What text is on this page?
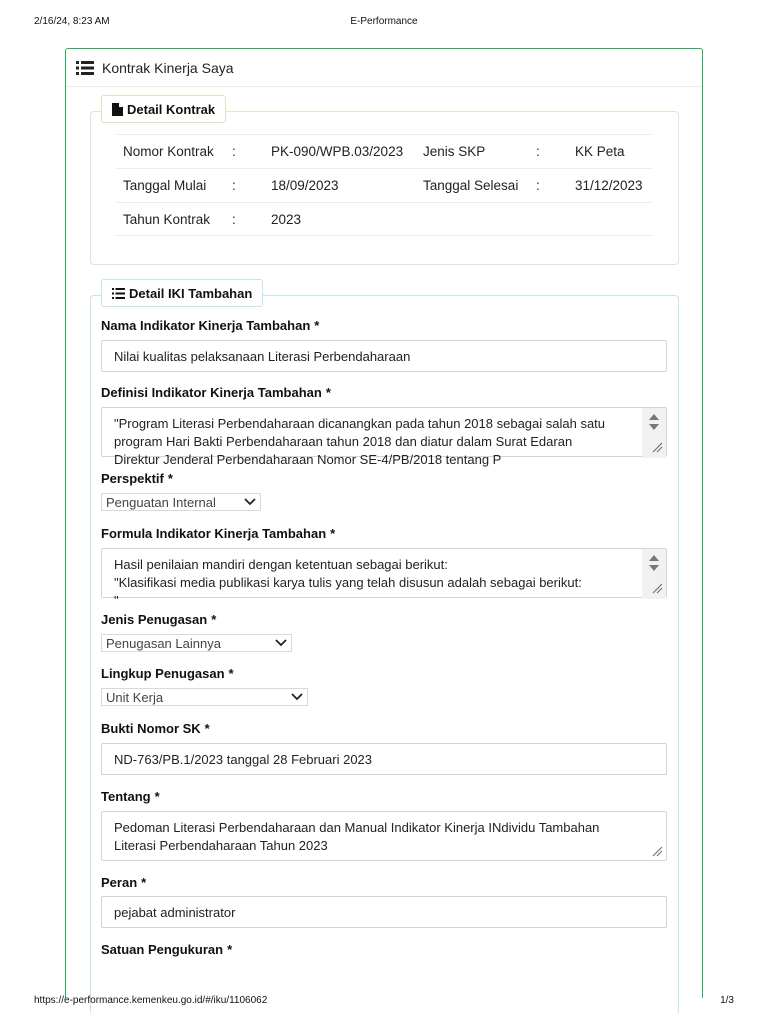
2/16/24, 8:23 AM	E-Performance
Kontrak Kinerja Saya
Detail Kontrak
Nomor Kontrak :	PK-090/WPB.03/2023 Jenis SKP	:	KK Peta
Tanggal Mulai :	18/09/2023	Tanggal Selesai :	31/12/2023
Tahun Kontrak :	2023
Detail IKI Tambahan
Nama Indikator Kinerja Tambahan *
Nilai kualitas pelaksanaan Literasi Perbendaharaan
Definisi Indikator Kinerja Tambahan *
"Program Literasi Perbendaharaan dicanangkan pada tahun 2018 sebagai salah satu
program Hari Bakti Perbendaharaan tahun 2018 dan diatur dalam Surat Edaran
Direktur Jenderal Perbendaharaan Nomor SE-4/PB/2018 tentang P
Perspektif *
Penguatan Internal
Formula Indikator Kinerja Tambahan *
Hasil penilaian mandiri dengan ketentuan sebagai berikut:
"Klasifikasi media publikasi karya tulis yang telah disusun adalah sebagai berikut:
"
Jenis Penugasan *
Penugasan Lainnya
Lingkup Penugasan *
Unit Kerja
Bukti Nomor SK *
ND-763/PB.1/2023 tanggal 28 Februari 2023
Tentang *
Pedoman Literasi Perbendaharaan dan Manual Indikator Kinerja INdividu Tambahan
Literasi Perbendaharaan Tahun 2023
Peran *
pejabat administrator
Satuan Pengukuran *
https://e-performance.kemenkeu.go.id/#/iku/1106062	1/3
